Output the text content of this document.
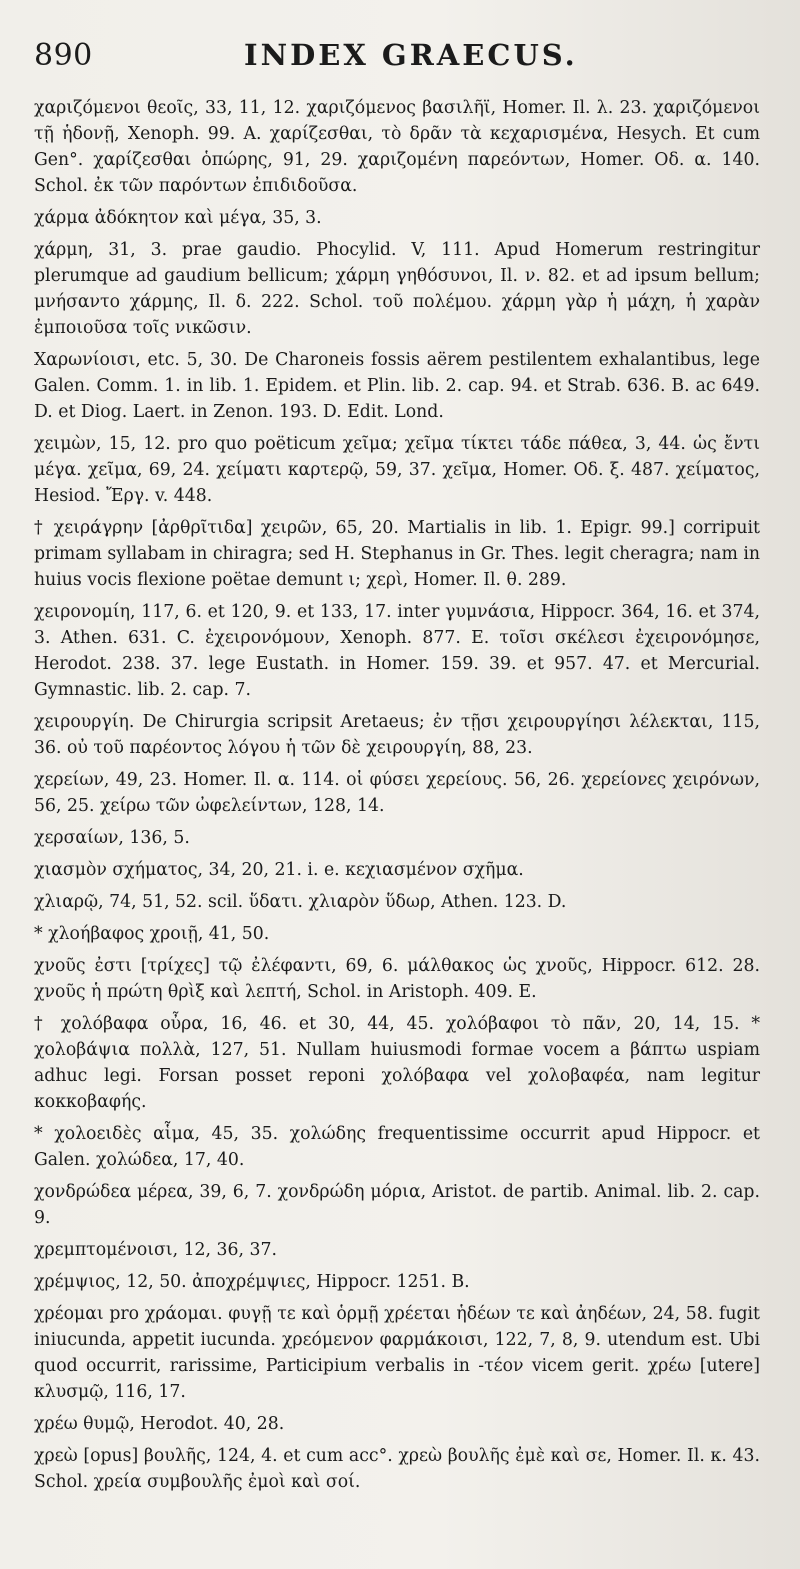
890	INDEX GRAECUS.

χαριζόμενοι θεοῖς, 33, 11, 12. χαριζόμενος βασιλῆϊ, Homer. Il. λ. 23. χαριζόμενοι τῇ ἡδονῇ, Xenoph. 99. A. χαρίζεσθαι, τὸ δρᾶν τὰ κεχαρισμένα, Hesych. Et cum Gen°. χαρίζεσθαι ὁπώρης, 91, 29. χαριζομένη παρεόντων, Homer. Οδ. α. 140. Schol. ἐκ τῶν παρόντων ἐπιδιδοῦσα.

χάρμα ἀδόκητον καὶ μέγα, 35, 3.

χάρμη, 31, 3. prae gaudio. Phocylid. V, 111. Apud Homerum restringitur plerumque ad gaudium bellicum; χάρμη γηθόσυνοι, Il. ν. 82. et ad ipsum bellum; μνήσαντο χάρμης, Il. δ. 222. Schol. τοῦ πολέμου. χάρμη γὰρ ἡ μάχη, ἡ χαρὰν ἐμποιοῦσα τοῖς νικῶσιν.

Χαρωνίοισι, etc. 5, 30. De Charoneis fossis aërem pestilentem exhalantibus, lege Galen. Comm. 1. in lib. 1. Epidem. et Plin. lib. 2. cap. 94. et Strab. 636. B. ac 649. D. et Diog. Laert. in Zenon. 193. D. Edit. Lond.

χειμὼν, 15, 12. pro quo poëticum χεῖμα; χεῖμα τίκτει τάδε πάθεα, 3, 44. ὡς ἔντι μέγα. χεῖμα, 69, 24. χείματι καρτερῷ, 59, 37. χεῖμα, Homer. Οδ. ξ. 487. χείματος, Hesiod. Ἔργ. v. 448.

† χειράγρην [ἀρθρῖτιδα] χειρῶν, 65, 20. Martialis in lib. 1. Epigr. 99.] corripuit primam syllabam in chiragra; sed H. Stephanus in Gr. Thes. legit cheragra; nam in huius vocis flexione poëtae demunt ι; χερὶ, Homer. Il. θ. 289.

χειρονομίη, 117, 6. et 120, 9. et 133, 17. inter γυμνάσια, Hippocr. 364, 16. et 374, 3. Athen. 631. C. ἐχειρονόμουν, Xenoph. 877. E. τοῖσι σκέλεσι ἐχειρονόμησε, Herodot. 238. 37. lege Eustath. in Homer. 159. 39. et 957. 47. et Mercurial. Gymnastic. lib. 2. cap. 7.

χειρουργίη. De Chirurgia scripsit Aretaeus; ἐν τῇσι χειρουργίησι λέλεκται, 115, 36. οὐ τοῦ παρέοντος λόγου ἡ τῶν δὲ χειρουργίη, 88, 23.

χερείων, 49, 23. Homer. Il. α. 114. οἱ φύσει χερείους. 56, 26. χερείονες χειρόνων, 56, 25. χείρω τῶν ὠφελείντων, 128, 14.

χερσαίων, 136, 5.

χιασμὸν σχήματος, 34, 20, 21. i. e. κεχιασμένον σχῆμα.

χλιαρῷ, 74, 51, 52. scil. ὕδατι. χλιαρὸν ὕδωρ, Athen. 123. D.

* χλοήβαφος χροιῇ, 41, 50.

χνοῦς ἐστι [τρίχες] τῷ ἐλέφαντι, 69, 6. μάλθακος ὡς χνοῦς, Hippocr. 612. 28. χνοῦς ἡ πρώτη θρὶξ καὶ λεπτή, Schol. in Aristoph. 409. E.

† χολόβαφα οὖρα, 16, 46. et 30, 44, 45. χολόβαφοι τὸ πᾶν, 20, 14, 15. * χολοβάψια πολλὰ, 127, 51. Nullam huiusmodi formae vocem a βάπτω uspiam adhuc legi. Forsan posset reponi χολόβαφα vel χολοβαφέα, nam legitur κοκκοβαφής.

* χολοειδὲς αἷμα, 45, 35. χολώδης frequentissime occurrit apud Hippocr. et Galen. χολώδεα, 17, 40.

χονδρώδεα μέρεα, 39, 6, 7. χονδρώδη μόρια, Aristot. de partib. Animal. lib. 2. cap. 9.

χρεμπτομένοισι, 12, 36, 37.

χρέμψιος, 12, 50. ἀποχρέμψιες, Hippocr. 1251. B.

χρέομαι pro χράομαι. φυγῇ τε καὶ ὁρμῇ χρέεται ἡδέων τε καὶ ἀηδέων, 24, 58. fugit iniucunda, appetit iucunda. χρεόμενον φαρμάκοισι, 122, 7, 8, 9. utendum est. Ubi quod occurrit, rarissime, Participium verbalis in -τέον vicem gerit. χρέω [utere] κλυσμῷ, 116, 17.

χρέω θυμῷ, Herodot. 40, 28.

χρεὼ [opus] βουλῆς, 124, 4. et cum acc°. χρεὼ βουλῆς ἐμὲ καὶ σε, Homer. Il. κ. 43. Schol. χρεία συμβουλῆς ἐμοὶ καὶ σοί.
